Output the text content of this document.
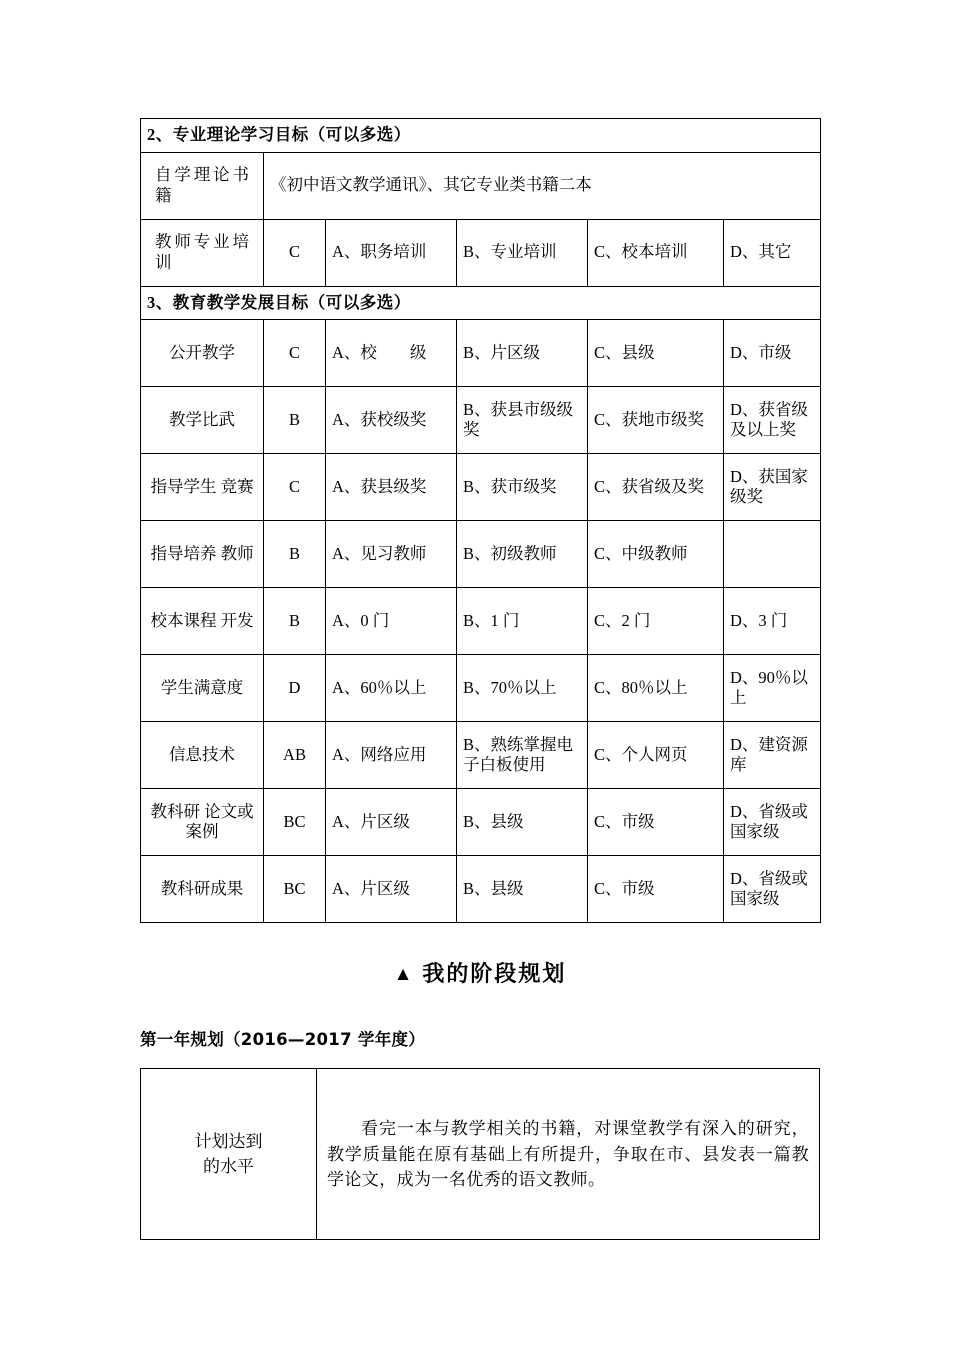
2、专业理论学习目标（可以多选）					
自学理论书籍	《初中语文教学通讯》、其它专业类书籍二本				
教师专业培训	C	A、职务培训	B、专业培训	C、校本培训	D、其它
3、教育教学发展目标（可以多选）					
公开教学	C	A、校　　级	B、片区级	C、县级	D、市级
教学比武	B	A、获校级奖	B、获县市级级奖	C、获地市级奖	D、获省级及以上奖
指导学生 竞赛	C	A、获县级奖	B、获市级奖	C、获省级及奖	D、获国家级奖
指导培养 教师	B	A、见习教师	B、初级教师	C、中级教师	
校本课程 开发	B	A、0 门	B、1 门	C、2 门	D、3 门
学生满意度	D	A、60％以上	B、70％以上	C、80％以上	D、90％以上
信息技术	AB	A、网络应用	B、熟练掌握电子白板使用	C、个人网页	D、建资源库
教科研 论文或案例	BC	A、片区级	B、县级	C、市级	D、省级或国家级
教科研成果	BC	A、片区级	B、县级	C、市级	D、省级或国家级
▲ 我的阶段规划
第一年规划（2016—2017 学年度）
计划达到
的水平
	看完一本与教学相关的书籍，对课堂教学有深入的研究，教学质量能在原有基础上有所提升，争取在市、县发表一篇教学论文，成为一名优秀的语文教师。
